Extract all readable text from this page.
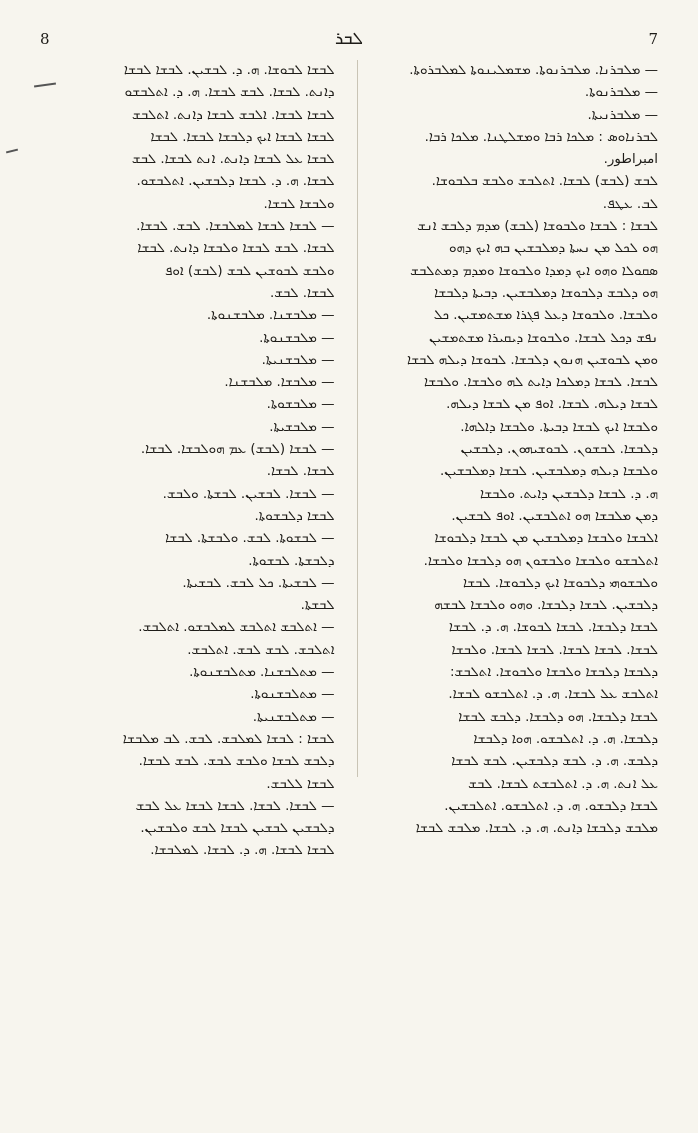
8	ܠܒܪ	7
ܠܒܫܐ ܠܒܘܫܐ. ܗ. ܕ. ܠܒܫܝܢ. ܠܒܫܐ ܠܒܫܐ
ܕܐܢܬ. ܠܒܫܐ. ܠܒܫ ܠܒܫܐ. ܗ. ܕ. ܐܬܠܒܫܘ
ܠܒܫܐ ܠܒܫܐ. ܐܠܒܫ ܠܒܫܐ ܕܐܢܬ. ܐܬܠܒܫ
ܠܒܫܐ ܠܒܫܐ ܐܝܟ ܕܠܒܫܐ ܠܒܫܐ. ܠܒܫܐ
ܠܒܫܐ ܥܠ ܠܒܫܐ ܕܐܢܬ. ܐܢܬ ܠܒܫܐ. ܠܒܫ
ܠܒܫܐ. ܗ. ܕ. ܠܒܫܐ ܕܠܒܫܝܢ. ܐܬܠܒܫܘ.
ܘܠܒܫܐ ܠܒܫܐ.
— ܠܒܫܐ ܠܒܫܐ ܠܡܠܒܫܐ. ܠܒܫ. ܠܒܫܐ.
ܠܒܫܐ. ܠܒܫ ܠܒܫܐ ܘܠܒܫܐ ܕܐܢܬ. ܠܒܫܐ
ܘܠܒܫ ܠܒܘܫܝܢ ܠܒܫ (ܠܒܫ) ܐܘܦ
ܠܒܫܐ. ܠܒܫ.
— ܡܠܒܫܢܐ. ܡܠܒܫܢܘܬܐ.
— ܡܠܒܫܢܘܬܐ.
— ܡܠܒܫܢܝܬܐ.
— ܡܠܒܫܐ. ܡܠܒܫܢܐ.
— ܡܠܒܫܘܬܐ.
— ܡܠܒܫܝܬܐ.
— ܠܒܫܐ (ܠܒܫ) ܥܡ ܗܘܠܒܫܐ. ܠܒܫܐ.
ܠܒܫܐ. ܠܒܫܐ.
— ܠܒܫܐ. ܠܒܫܝܢ. ܠܒܫܬܐ. ܘܠܒܫ.
ܠܒܫܐ ܕܠܒܫܘܬܐ.
— ܠܒܫܘܬܐ. ܠܒܫ. ܘܠܒܫܬܐ. ܠܒܫܐ
ܕܠܒܫܬܐ. ܠܒܫܘܬܐ.
— ܠܒܫܝܬܐ. ܟܠ ܠܒܫ. ܠܒܫܝܬܐ.
ܠܒܫܬܐ.
— ܐܬܠܒܫ ܐܬܠܒܫ ܠܡܠܒܫܘ. ܐܬܠܒܫ.
ܐܬܠܒܫ. ܠܒܫ ܠܒܫ. ܐܬܠܒܫ.
— ܡܬܠܒܫܢܐ. ܡܬܠܒܫܢܘܬܐ.
— ܡܬܠܒܫܢܘܬܐ.
— ܡܬܠܒܫܢܝܬܐ.
ܠܒܫܐ : ܠܒܫܐ ܠܡܠܒܫ. ܠܒܫ. ܠܒ ܡܠܒܫܐ
ܕܠܒܫ ܠܒܫܐ ܘܠܒܫ ܠܒܫ. ܠܒܫ ܠܒܫܐ.
ܠܒܫܐ ܠܠܒܫ.
— ܠܒܫܐ. ܠܒܫܐ. ܠܒܫܐ ܠܒܫܐ ܥܠ ܠܒܫ
ܕܠܒܫܝܢ ܠܒܫܝܢ ܠܒܫܐ ܠܒܫ ܘܠܒܫܝܢ.
ܠܒܫܐ ܠܒܫܐ. ܗ. ܕ. ܠܒܫܐ. ܠܡܠܒܫܐ.
— ܡܠܒܪܢܐ. ܡܠܒܪܢܘܬܐ. ܡܫܡܠܝܢܘܬܐ ܠܡܠܒܪܘܬܐ.
— ܡܠܒܪܢܘܬܐ.
— ܡܠܒܪܢܝܬܐ.
ܠܒܪܢܐܘܣ : ܡܠܟܐ ܪܒܐ ܘܡܫܠܛܢܐ. ܡܠܟܐ ܪܒܐ.
امبراطور.
ܠܒܫ (ܠܒܫ) ܠܒܫܐ. ܐܬܠܒܫ ܘܠܒܫ ܒܠܒܘܫܐ.
ܠܒ. ܥܛܦ.
ܠܒܫܐ : ܠܒܫܐ ܘܠܒܘܫܐ (ܠܒܫ) ܡܕܡ ܕܠܒܫ ܐܢܫ
ܗܘ ܠܟܠ ܡܢ ܢܚܬܐ ܕܡܠܒܫܝܢ ܒܗ ܐܝܟ ܕܗܘ
ܣܩܘܠܐ ܘܗܘ ܐܝܟ ܕܡܕܐ ܘܠܒܘܫܐ ܘܡܕܡ ܕܡܬܠܒܫ
ܗܘ ܕܠܒܫ ܕܠܒܘܫܐ ܕܡܠܒܫܝܢ. ܕܒܝܬܐ ܕܠܒܫܐ
ܘܠܒܫܐ. ܘܠܒܘܫܐ ܕܥܠ ܦܓܪܐ ܡܫܬܡܫܝܢ. ܟܠ
ܢܦܫ ܕܟܠ ܠܒܫܐ. ܘܠܒܘܫܐ ܕܝܩܝܪܐ ܡܫܬܡܫܝܢ
ܘܡܢ ܠܒܘܫܝܢ ܗܢܘܢ ܕܠܒܫܐ. ܠܒܘܫܐ ܕܝܠܗ ܠܒܫܐ
ܠܒܫܐ. ܠܒܫܐ ܕܡܠܟܐ ܕܐܝܬ ܠܗ ܘܠܒܫܐ. ܘܠܒܫܐ
ܠܒܫܐ ܕܝܠܗ. ܠܒܫܐ. ܐܘܦ ܡܢ ܠܒܫܐ ܕܝܠܗ.
ܘܠܒܫܐ ܐܝܟ ܠܒܫܐ ܕܒܝܬܐ. ܘܠܒܫܐ ܕܐܠܗܐ.
ܕܠܒܫܐ. ܠܒܫܘܢ. ܠܒܘܫܝܗܘܢ. ܕܠܒܫܝܢ
ܘܠܒܫܐ ܕܝܠܗ ܕܡܠܒܫܝܢ. ܠܒܫܐ ܕܡܠܒܫܝܢ.
ܗ. ܕ. ܠܒܫܐ ܕܠܒܫܝܢ ܕܐܝܬ. ܘܠܒܫܐ
ܕܡܢ ܡܠܒܫܐ ܗܘ ܐܬܠܒܫܝܢ. ܐܘܦ ܠܒܫܝܢ.
ܐܠܒܫܐ ܘܠܒܫܐ ܕܡܠܒܫܝܢ ܡܢ ܠܒܫܐ ܕܠܒܘܫܐ
ܐܬܠܒܫܘ ܘܠܒܫܐ ܘܠܒܫܘܢ ܗܘ ܕܠܒܫܐ ܘܠܒܫܐ.
ܘܠܒܫܘܗܝ ܕܠܒܘܫܐ ܐܝܟ ܕܠܒܘܫܐ. ܠܒܫܐ
ܕܠܒܫܝܢ. ܠܒܫܐ ܕܠܒܫܐ. ܘܗܘ ܘܠܒܫܐ ܠܒܫܗ
ܠܒܫܐ ܕܠܒܫܐ. ܠܒܫܐ ܠܒܘܫܐ. ܗ. ܕ. ܠܒܫܐ
ܠܒܫܐ. ܠܒܫܐ ܠܒܫܐ. ܠܒܫܐ ܠܒܫܐ. ܘܠܒܫܐ
ܕܠܒܫܐ ܕܠܒܫܐ ܘܠܒܫܐ ܘܠܒܘܫܐ. ܐܬܠܒܫ:
ܐܬܠܒܫ ܥܠ ܠܒܫܐ. ܗ. ܕ. ܐܬܠܒܫܘ ܠܒܫܐ.
ܠܒܫܐ ܕܠܒܫܐ. ܗܘ ܕܠܒܫܐ. ܕܠܒܫ ܠܒܫܐ
ܕܠܒܫܐ. ܗ. ܕ. ܐܬܠܒܫܘ. ܗܘܐ ܕܠܒܫܐ
ܕܠܒܫ. ܗ. ܕ. ܠܒܫ ܕܠܒܫܝܢ. ܠܒܫ ܠܒܫܐ
ܥܠ ܐܢܬ. ܗ. ܕ. ܐܬܠܒܫܬ ܠܒܫܐ. ܠܒܫ
ܠܒܫܐ ܕܠܒܫܘ. ܗ. ܕ. ܐܬܠܒܫܘ. ܐܬܠܒܫܝܢ.
ܡܠܒܫ ܕܠܒܫܐ ܕܐܢܬ. ܗ. ܕ. ܠܒܫܐ. ܡܠܒܫ ܠܒܫܐ
